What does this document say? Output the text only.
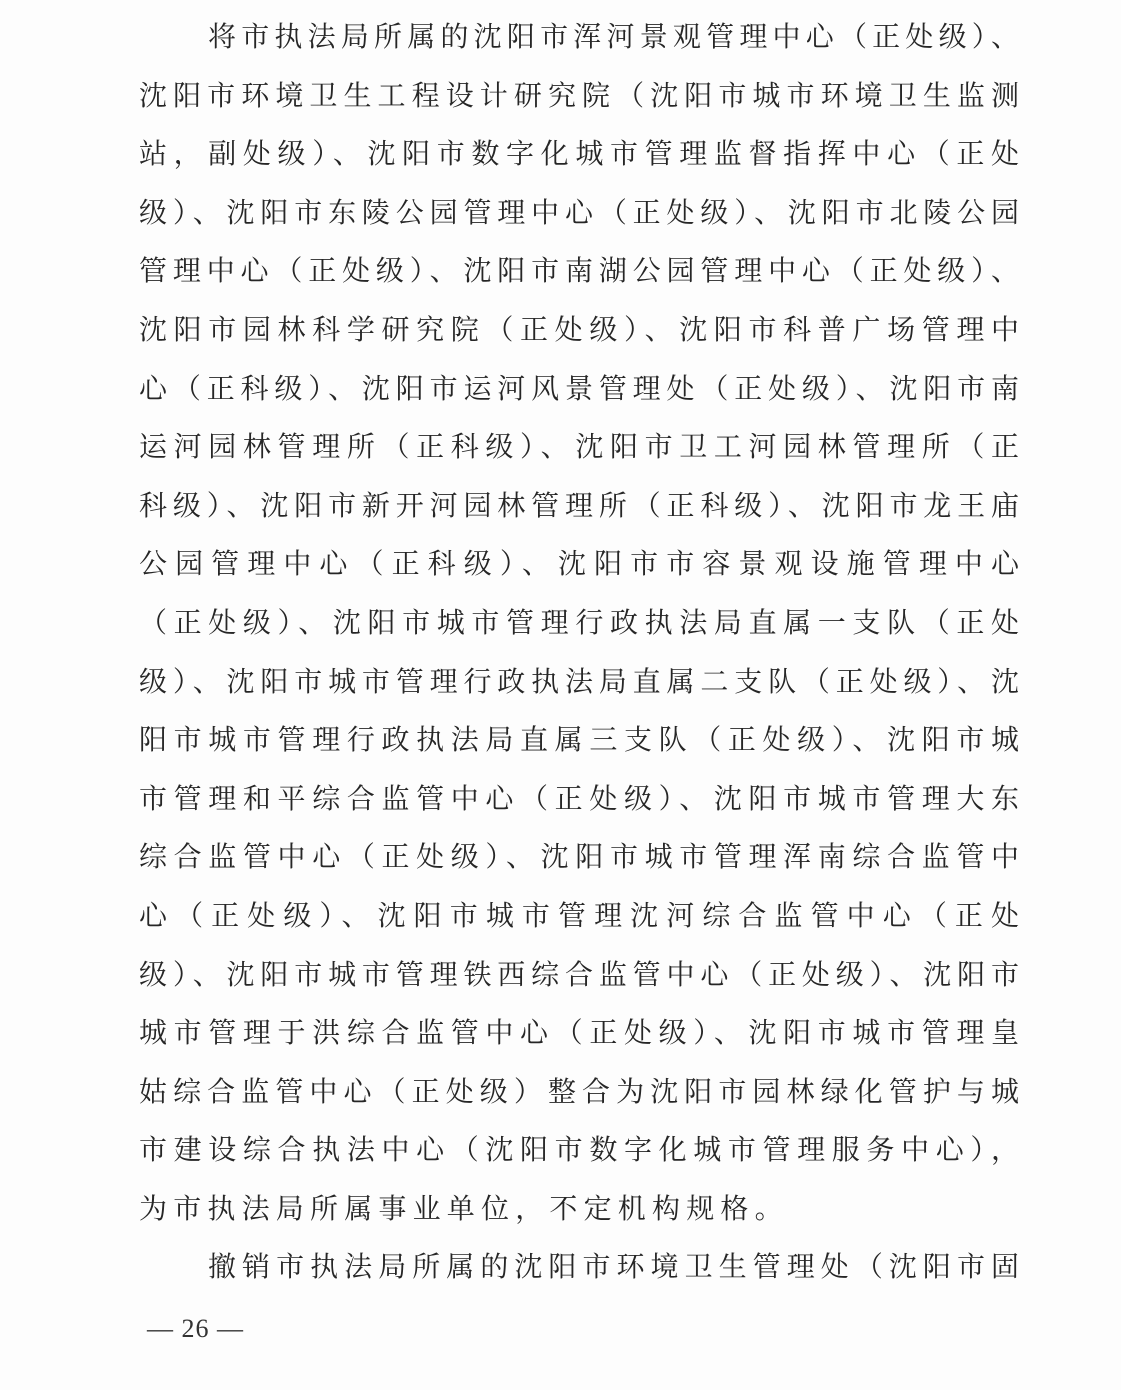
将市执法局所属的沈阳市浑河景观管理中心（正处级）、
沈阳市环境卫生工程设计研究院（沈阳市城市环境卫生监测
站，副处级）、沈阳市数字化城市管理监督指挥中心（正处
级）、沈阳市东陵公园管理中心（正处级）、沈阳市北陵公园
管理中心（正处级）、沈阳市南湖公园管理中心（正处级）、
沈阳市园林科学研究院（正处级）、沈阳市科普广场管理中
心（正科级）、沈阳市运河风景管理处（正处级）、沈阳市南
运河园林管理所（正科级）、沈阳市卫工河园林管理所（正
科级）、沈阳市新开河园林管理所（正科级）、沈阳市龙王庙
公园管理中心（正科级）、沈阳市市容景观设施管理中心
（正处级）、沈阳市城市管理行政执法局直属一支队（正处
级）、沈阳市城市管理行政执法局直属二支队（正处级）、沈
阳市城市管理行政执法局直属三支队（正处级）、沈阳市城
市管理和平综合监管中心（正处级）、沈阳市城市管理大东
综合监管中心（正处级）、沈阳市城市管理浑南综合监管中
心（正处级）、沈阳市城市管理沈河综合监管中心（正处
级）、沈阳市城市管理铁西综合监管中心（正处级）、沈阳市
城市管理于洪综合监管中心（正处级）、沈阳市城市管理皇
姑综合监管中心（正处级）整合为沈阳市园林绿化管护与城
市建设综合执法中心（沈阳市数字化城市管理服务中心），
为市执法局所属事业单位，不定机构规格。
撤销市执法局所属的沈阳市环境卫生管理处（沈阳市固
— 26 —
